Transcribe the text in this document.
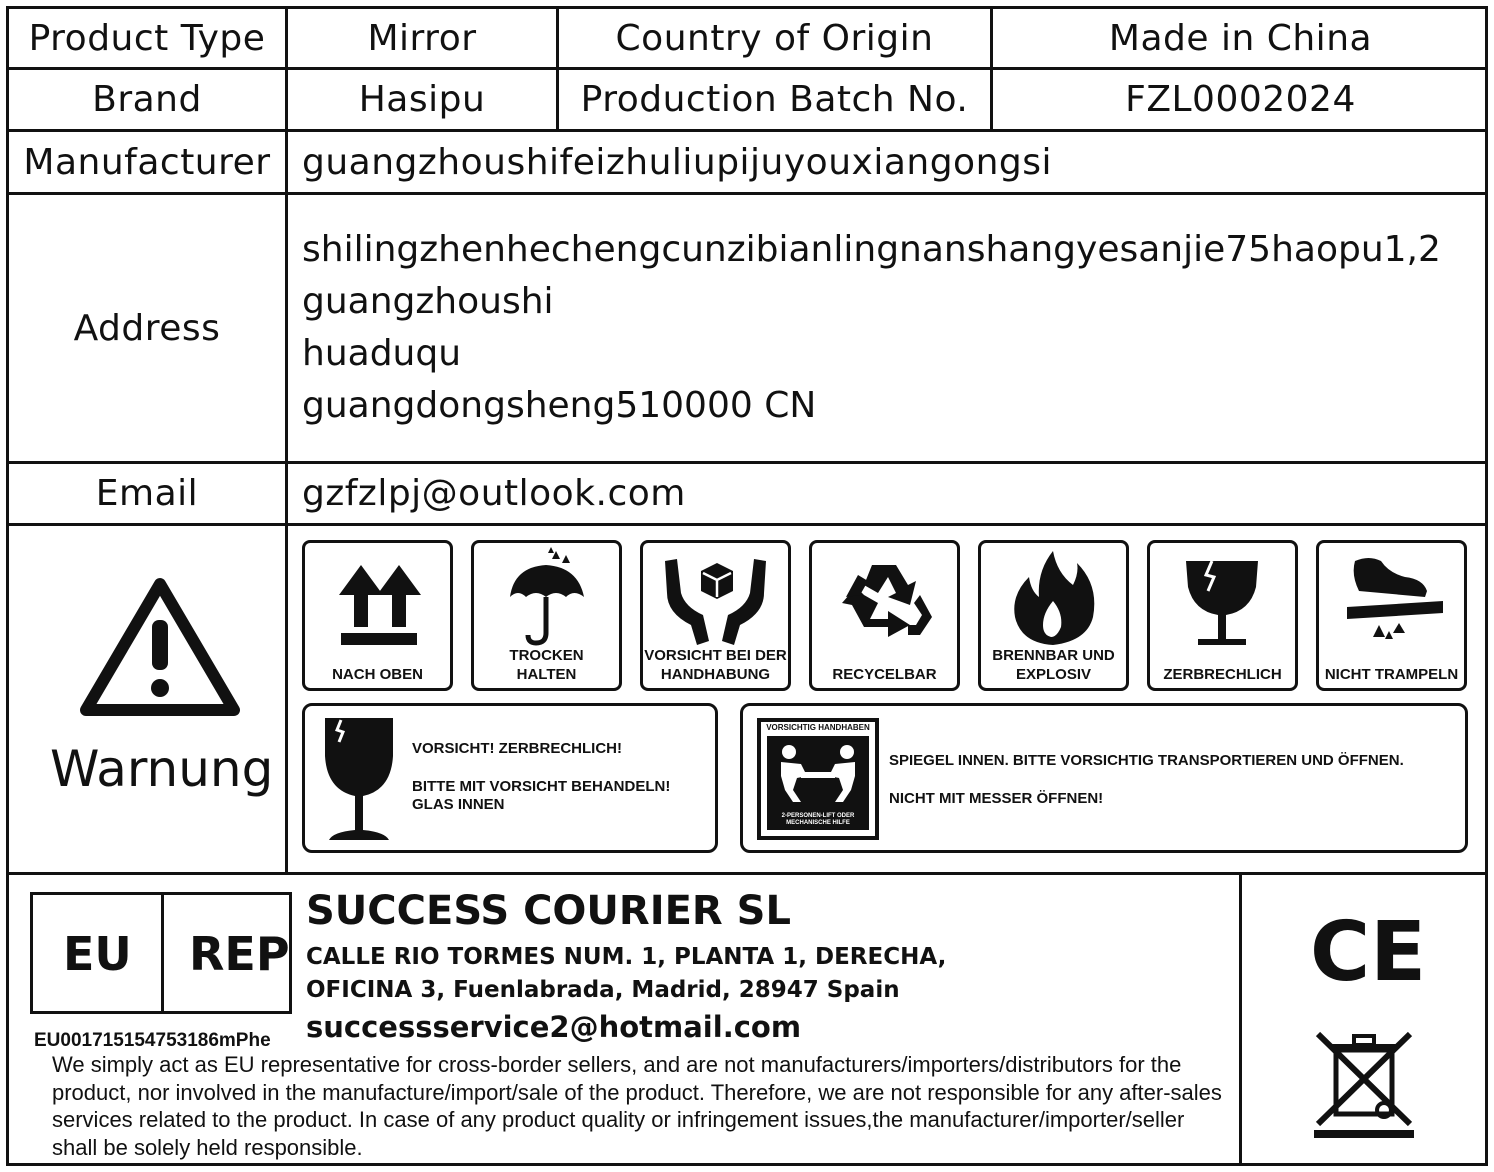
Product Type	Mirror	Country of Origin	Made in China
Brand	Hasipu	Production Batch No.	FZL0002024
Manufacturer guangzhoushifeizhuliupijuyouxiangongsi
Address
shilingzhenhechengcunzibianlingnanshangyesanjie75haopu1,2
guangzhoushi
huaduqu
guangdongsheng510000 CN
Email	gzfzlpj@outlook.com
Warnung
NACH OBEN
TROCKEN
HALTEN
VORSICHT BEI DER
HANDHABUNG	RECYCELBAR
BRENNBAR UND
EXPLOSIV	ZERBRECHLICH	NICHT TRAMPELN
VORSICHT! ZERBRECHLICH!
BITTE MIT VORSICHT BEHANDELN!
GLAS INNEN
VORSICHTIG HANDHABEN
2-PERSONEN-LIFT ODER
MECHANISCHE HILFE
SPIEGEL INNEN. BITTE VORSICHTIG TRANSPORTIEREN UND ÖFFNEN.
NICHT MIT MESSER ÖFFNEN!
EU REP
EU001715154753186mPhe
SUCCESS COURIER SL
CALLE RIO TORMES NUM. 1, PLANTA 1, DERECHA,
OFICINA 3, Fuenlabrada, Madrid, 28947 Spain
successservice2@hotmail.com
We simply act as EU representative for cross-border sellers, and are not manufacturers/importers/distributors for the product, nor involved in the manufacture/import/sale of the product. Therefore, we are not responsible for any after-sales services related to the product. In case of any product quality or infringement issues,the manufacturer/importer/seller shall be solely held responsible.
CE
